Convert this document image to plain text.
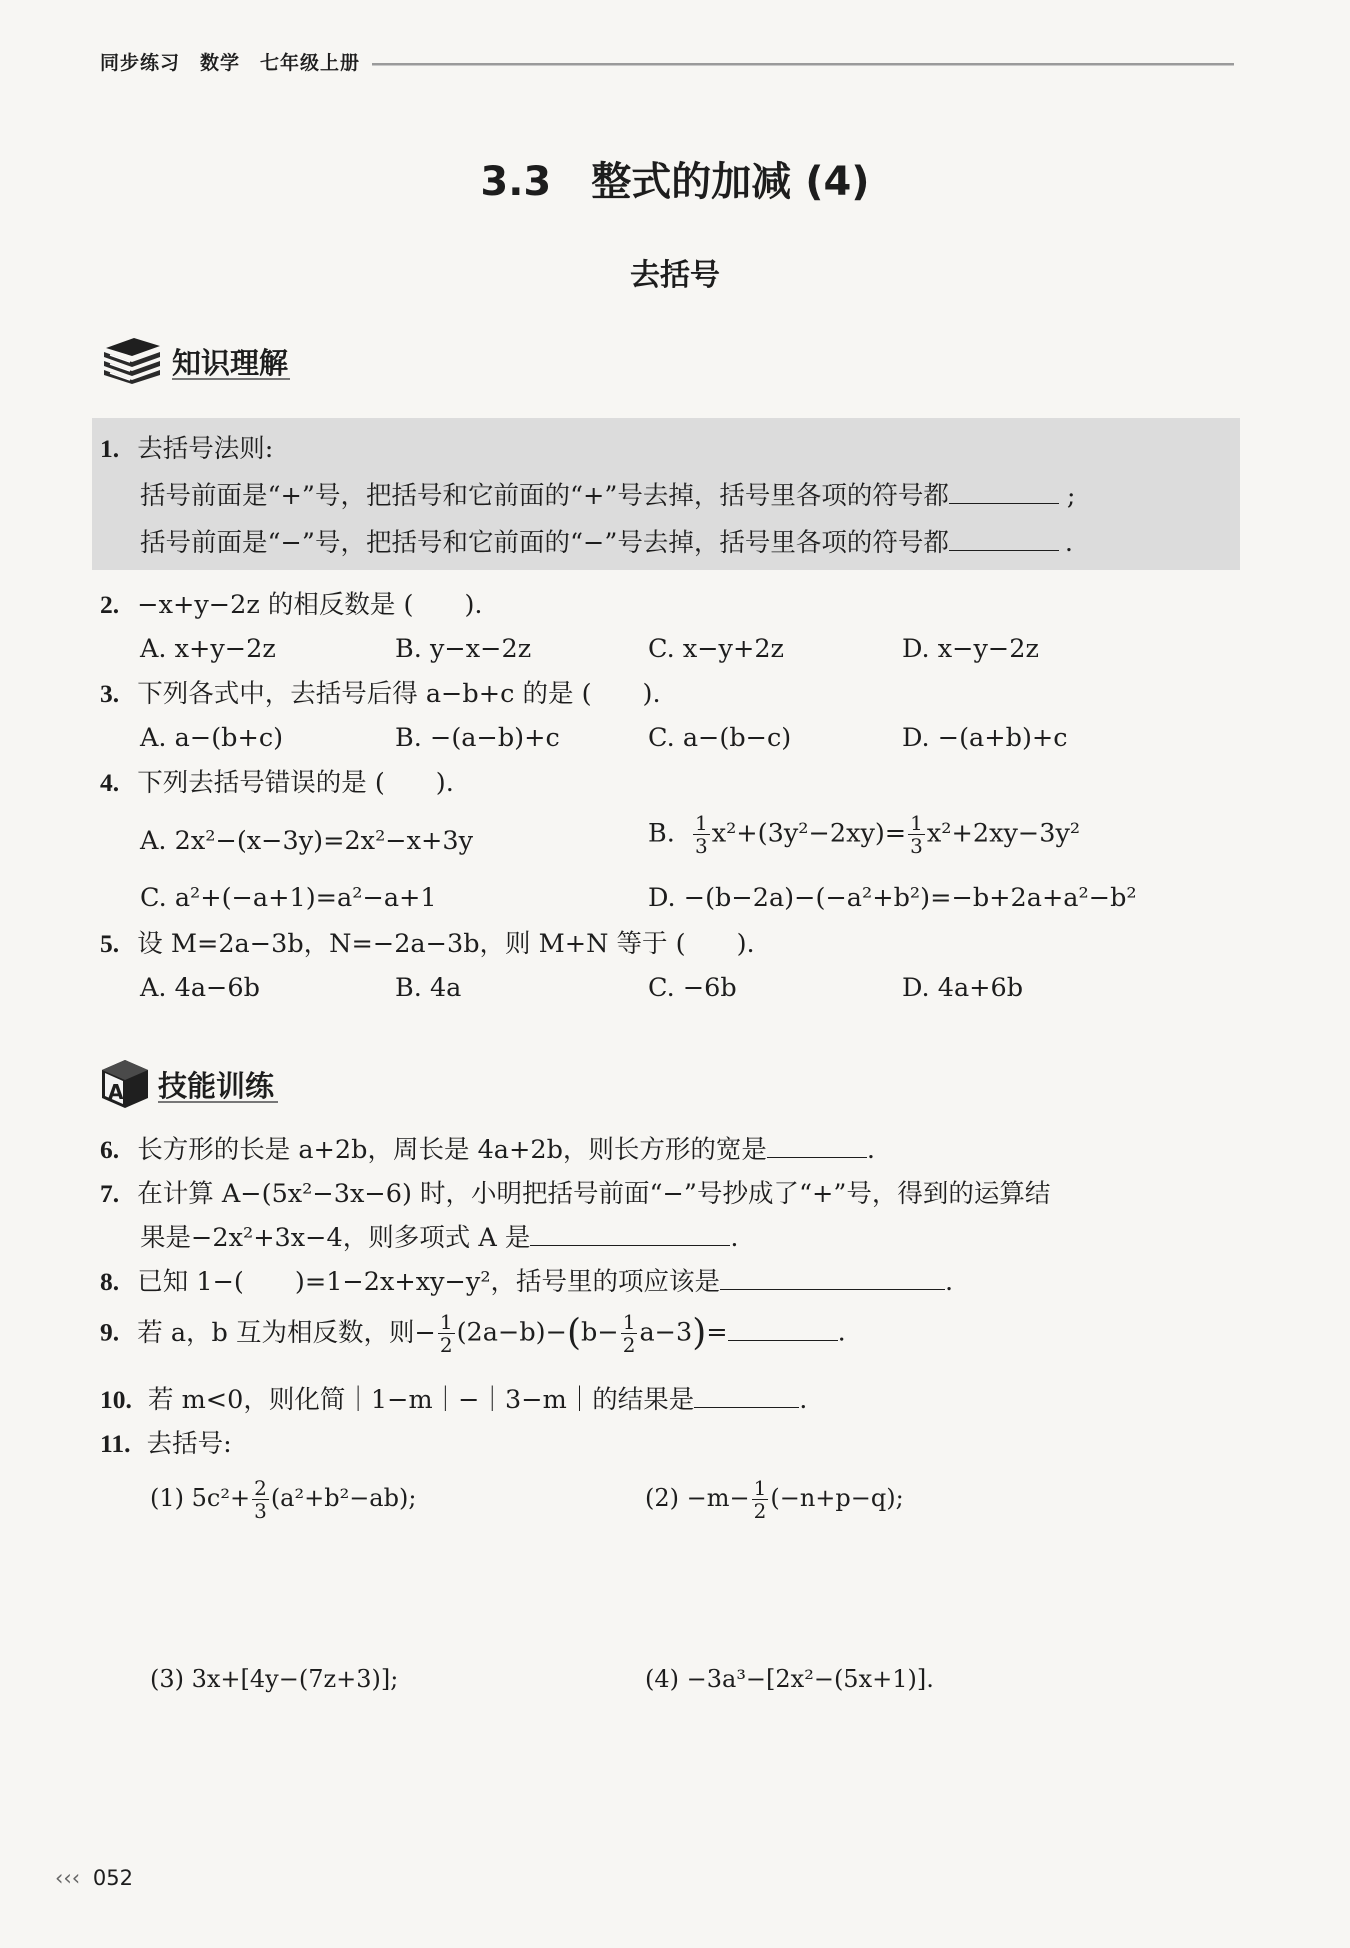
同步练习　数学　七年级上册
3.3　整式的加减 (4)
去括号
知识理解
1. 去括号法则:
括号前面是“+”号，把括号和它前面的“+”号去掉，括号里各项的符号都	;
括号前面是“−”号，把括号和它前面的“−”号去掉，括号里各项的符号都	.
2. −x+y−2z 的相反数是 (　　).
A. x+y−2z	B. y−x−2z	C. x−y+2z	D. x−y−2z
3. 下列各式中，去括号后得 a−b+c 的是 (　　).
A. a−(b+c)	B. −(a−b)+c	C. a−(b−c)	D. −(a+b)+c
4. 下列去括号错误的是 (　　).
A. 2x²−(x−3y)=2x²−x+3y	B. $\frac{1}{3} x^2+(3y^2-2xy)= \frac{1}{3} x^2+2xy-3y^2$
C. a²+(−a+1)=a²−a+1	D. −(b−2a)−(−a²+b²)=−b+2a+a²−b²
5. 设 M=2a−3b，N=−2a−3b，则 M+N 等于 (　　).
A. 4a−6b	B. 4a	C. −6b	D. 4a+6b
A 技能训练
6. 长方形的长是 a+2b，周长是 4a+2b，则长方形的宽是	.
7. 在计算 A−(5x²−3x−6) 时，小明把括号前面“−”号抄成了“+”号，得到的运算结
果是−2x²+3x−4，则多项式 A 是	.
8. 已知 1−(　　)=1−2x+xy−y²，括号里的项应该是	.
9. 若 a，b 互为相反数，则− $\frac{1}{2} (2a-b)-(b- \frac{1}{2} a-3)=$	.
10. 若 m<0，则化简｜1−m｜−｜3−m｜的结果是	.
11. 去括号:
(1) $5c^2+ \frac{2}{3} (a^2+b^2-ab)$;	$(2) -m- \frac{1}{2} (-n+p-q)$;
(3) 3x+[4y−(7z+3)];	(4) −3a³−[2x²−(5x+1)].
‹‹‹ 052
